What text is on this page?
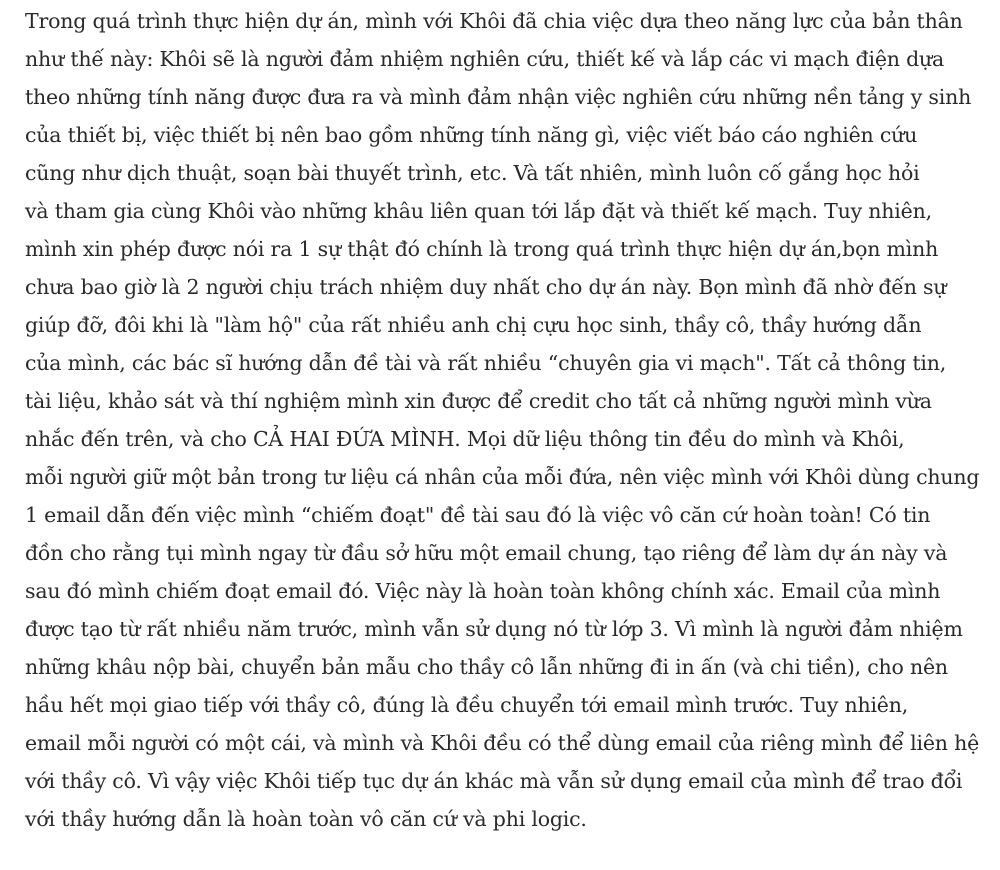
Trong quá trình thực hiện dự án, mình với Khôi đã chia việc dựa theo năng lực của bản thân
như thế này: Khôi sẽ là người đảm nhiệm nghiên cứu, thiết kế và lắp các vi mạch điện dựa
theo những tính năng được đưa ra và mình đảm nhận việc nghiên cứu những nền tảng y sinh
của thiết bị, việc thiết bị nên bao gồm những tính năng gì, việc viết báo cáo nghiên cứu
cũng như dịch thuật, soạn bài thuyết trình, etc. Và tất nhiên, mình luôn cố gắng học hỏi
và tham gia cùng Khôi vào những khâu liên quan tới lắp đặt và thiết kế mạch. Tuy nhiên,
mình xin phép được nói ra 1 sự thật đó chính là trong quá trình thực hiện dự án,bọn mình
chưa bao giờ là 2 người chịu trách nhiệm duy nhất cho dự án này. Bọn mình đã nhờ đến sự
giúp đỡ, đôi khi là "làm hộ" của rất nhiều anh chị cựu học sinh, thầy cô, thầy hướng dẫn
của mình, các bác sĩ hướng dẫn đề tài và rất nhiều “chuyên gia vi mạch". Tất cả thông tin,
tài liệu, khảo sát và thí nghiệm mình xin được để credit cho tất cả những người mình vừa
nhắc đến trên, và cho CẢ HAI ĐỨA MÌNH. Mọi dữ liệu thông tin đều do mình và Khôi,
mỗi người giữ một bản trong tư liệu cá nhân của mỗi đứa, nên việc mình với Khôi dùng chung
1 email dẫn đến việc mình “chiếm đoạt" đề tài sau đó là việc vô căn cứ hoàn toàn! Có tin
đồn cho rằng tụi mình ngay từ đầu sở hữu một email chung, tạo riêng để làm dự án này và
sau đó mình chiếm đoạt email đó. Việc này là hoàn toàn không chính xác. Email của mình
được tạo từ rất nhiều năm trước, mình vẫn sử dụng nó từ lớp 3. Vì mình là người đảm nhiệm
những khâu nộp bài, chuyển bản mẫu cho thầy cô lẫn những đi in ấn (và chi tiền), cho nên
hầu hết mọi giao tiếp với thầy cô, đúng là đều chuyển tới email mình trước. Tuy nhiên,
email mỗi người có một cái, và mình và Khôi đều có thể dùng email của riêng mình để liên hệ
với thầy cô. Vì vậy việc Khôi tiếp tục dự án khác mà vẫn sử dụng email của mình để trao đổi
với thầy hướng dẫn là hoàn toàn vô căn cứ và phi logic.
